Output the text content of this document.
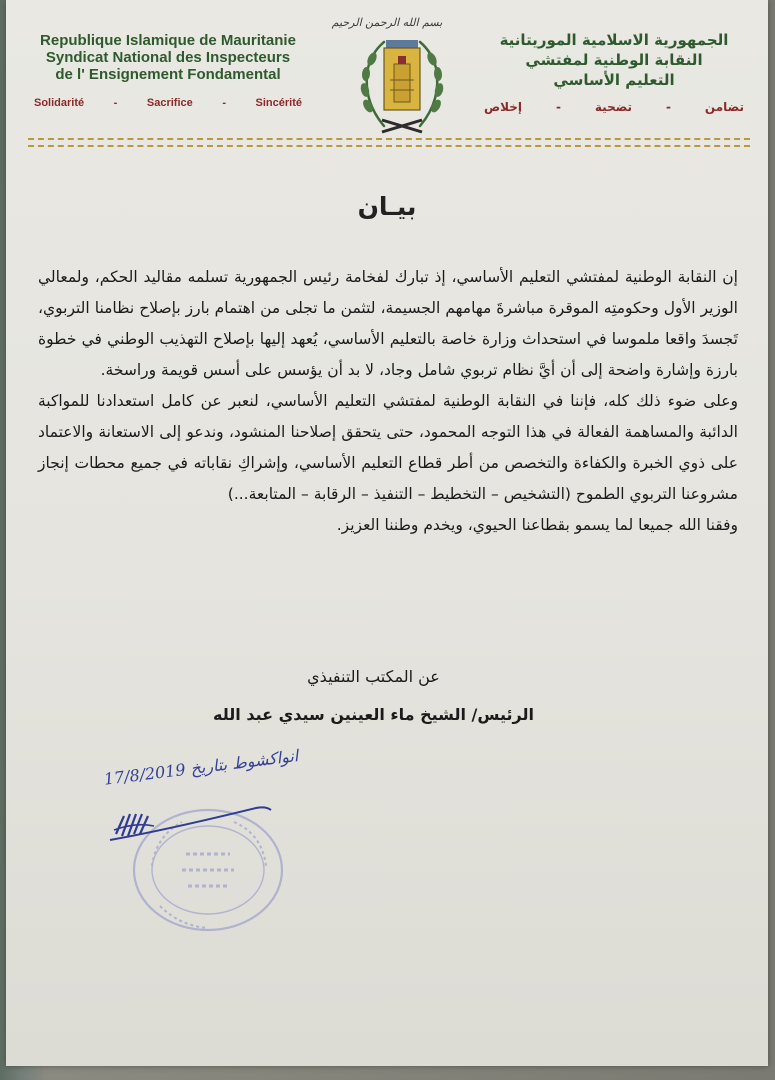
بسم الله الرحمن الرحيم
Republique Islamique de Mauritanie
Syndicat National des Inspecteurs
de l' Ensignement Fondamental
Solidarité	-	Sacrifice	-	Sincérité
الجمهورية الاسلامية الموريتانية
النقابة الوطنية لمفتشي
التعليم الأساسي
تضامن
-
تضحية
-
إخلاص
بيـان

إن النقابة الوطنية لمفتشي التعليم الأساسي، إذ تبارك لفخامة رئيس الجمهورية تسلمه مقاليد الحكم، ولمعالي الوزير الأول وحكومتِه الموقرة مباشرةَ مهامهم الجسيمة، لتثمن ما تجلى من اهتمام بارز بإصلاح نظامنا التربوي، تَجسدَ واقعا ملموسا في استحداث وزارة خاصة بالتعليم الأساسي، يُعهد إليها بإصلاح التهذيب الوطني في خطوة بارزة وإشارة واضحة إلى أن أيَّ نظام تربوي شامل وجاد، لا بد أن يؤسس على أسس قويمة وراسخة.

وعلى ضوء ذلك كله، فإننا في النقابة الوطنية لمفتشي التعليم الأساسي، لنعبر عن كامل استعدادنا للمواكبة الدائبة والمساهمة الفعالة في هذا التوجه المحمود، حتى يتحقق إصلاحنا المنشود، وندعو إلى الاستعانة والاعتماد على ذوي الخبرة والكفاءة والتخصص من أطر قطاع التعليم الأساسي، وإشراكِ نقاباته في جميع محطات إنجاز مشروعنا التربوي الطموح (التشخيص – التخطيط – التنفيذ – الرقابة – المتابعة...)

وفقنا الله جميعا لما يسمو بقطاعنا الحيوي، ويخدم وطننا العزيز.

عن المكتب التنفيذي
الرئيس/ الشيخ ماء العينين سيدي عبد الله
انواكشوط بتاريخ 17/8/2019
